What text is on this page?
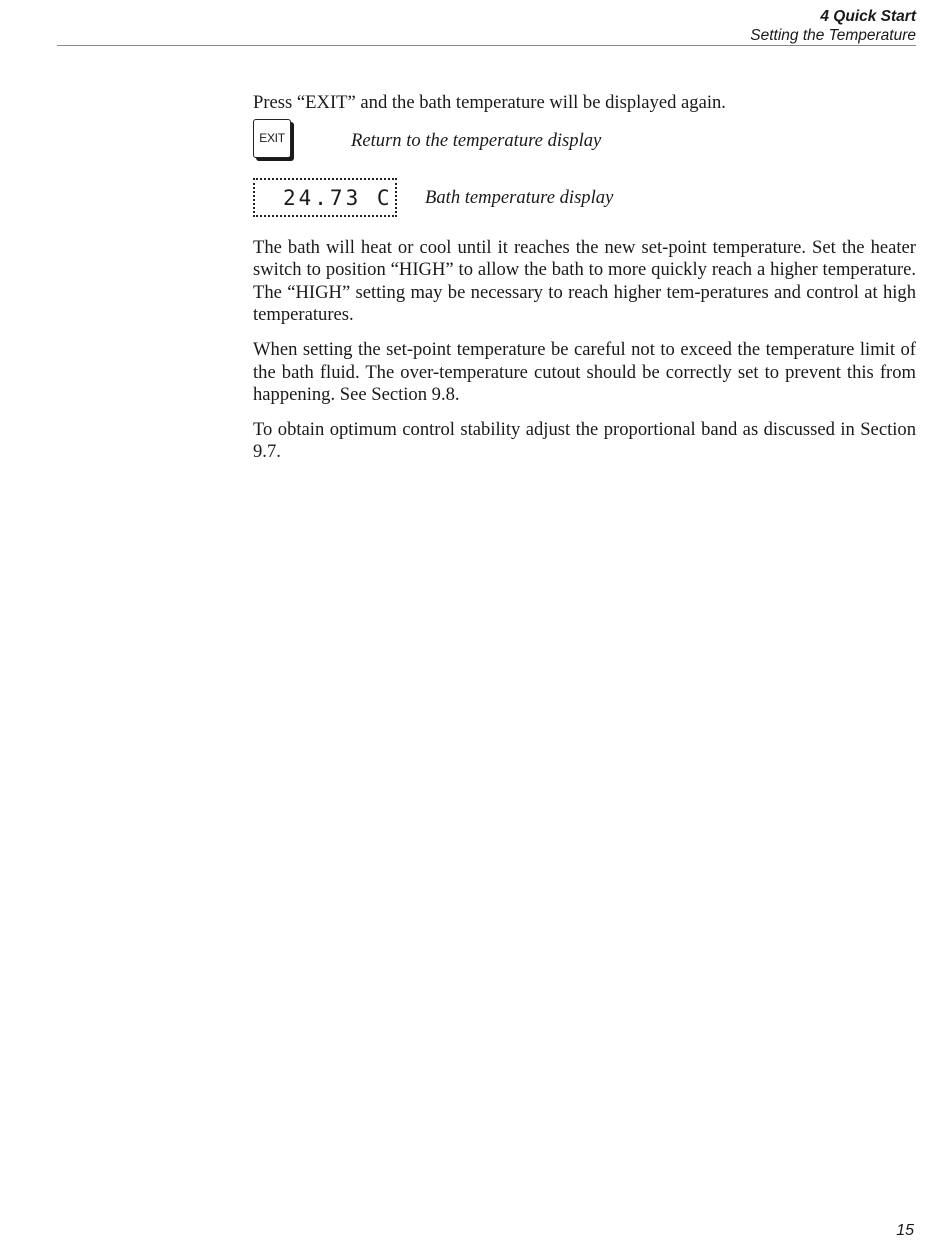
4 Quick Start
Setting the Temperature

Press “EXIT” and the bath temperature will be displayed again.

EXIT	Return to the temperature display
24.73 C Bath temperature display

The bath will heat or cool until it reaches the new set-point temperature. Set the heater switch to position “HIGH” to allow the bath to more quickly reach a higher temperature. The “HIGH” setting may be necessary to reach higher tem-peratures and control at high temperatures.

When setting the set-point temperature be careful not to exceed the temperature limit of the bath fluid. The over-temperature cutout should be correctly set to prevent this from happening. See Section 9.8.

To obtain optimum control stability adjust the proportional band as discussed in Section 9.7.

15
